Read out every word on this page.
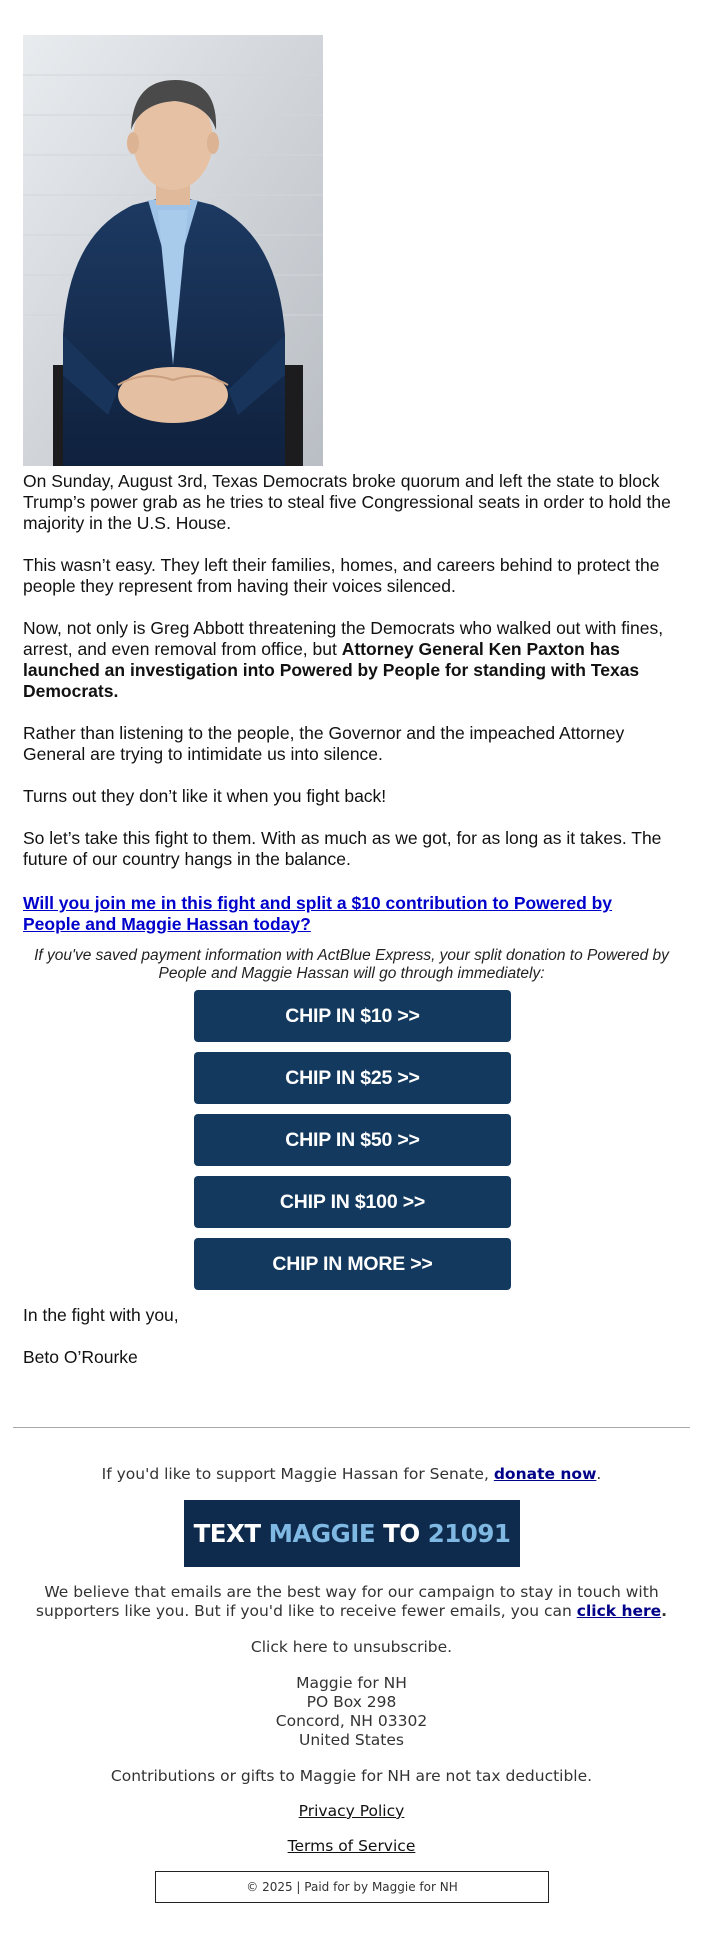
On Sunday, August 3rd, Texas Democrats broke quorum and left the state to block Trump’s power grab as he tries to steal five Congressional seats in order to hold the majority in the U.S. House.

This wasn’t easy. They left their families, homes, and careers behind to protect the people they represent from having their voices silenced.

Now, not only is Greg Abbott threatening the Democrats who walked out with fines, arrest, and even removal from office, but Attorney General Ken Paxton has launched an investigation into Powered by People for standing with Texas Democrats.

Rather than listening to the people, the Governor and the impeached Attorney General are trying to intimidate us into silence.

Turns out they don’t like it when you fight back!

So let’s take this fight to them. With as much as we got, for as long as it takes. The future of our country hangs in the balance.

Will you join me in this fight and split a $10 contribution to Powered by People and Maggie Hassan today?
If you've saved payment information with ActBlue Express, your split donation to Powered by People and Maggie Hassan will go through immediately:
CHIP IN $10 >>
CHIP IN $25 >>
CHIP IN $50 >>
CHIP IN $100 >>
CHIP IN MORE >>

In the fight with you,

Beto O’Rourke

If you'd like to support Maggie Hassan for Senate, donate now.

TEXT MAGGIE TO 21091

We believe that emails are the best way for our campaign to stay in touch with supporters like you. But if you'd like to receive fewer emails, you can click here.

Click here to unsubscribe.

Maggie for NH

PO Box 298

Concord, NH 03302

United States

Contributions or gifts to Maggie for NH are not tax deductible.

Privacy Policy

Terms of Service

© 2025 | Paid for by Maggie for NH
